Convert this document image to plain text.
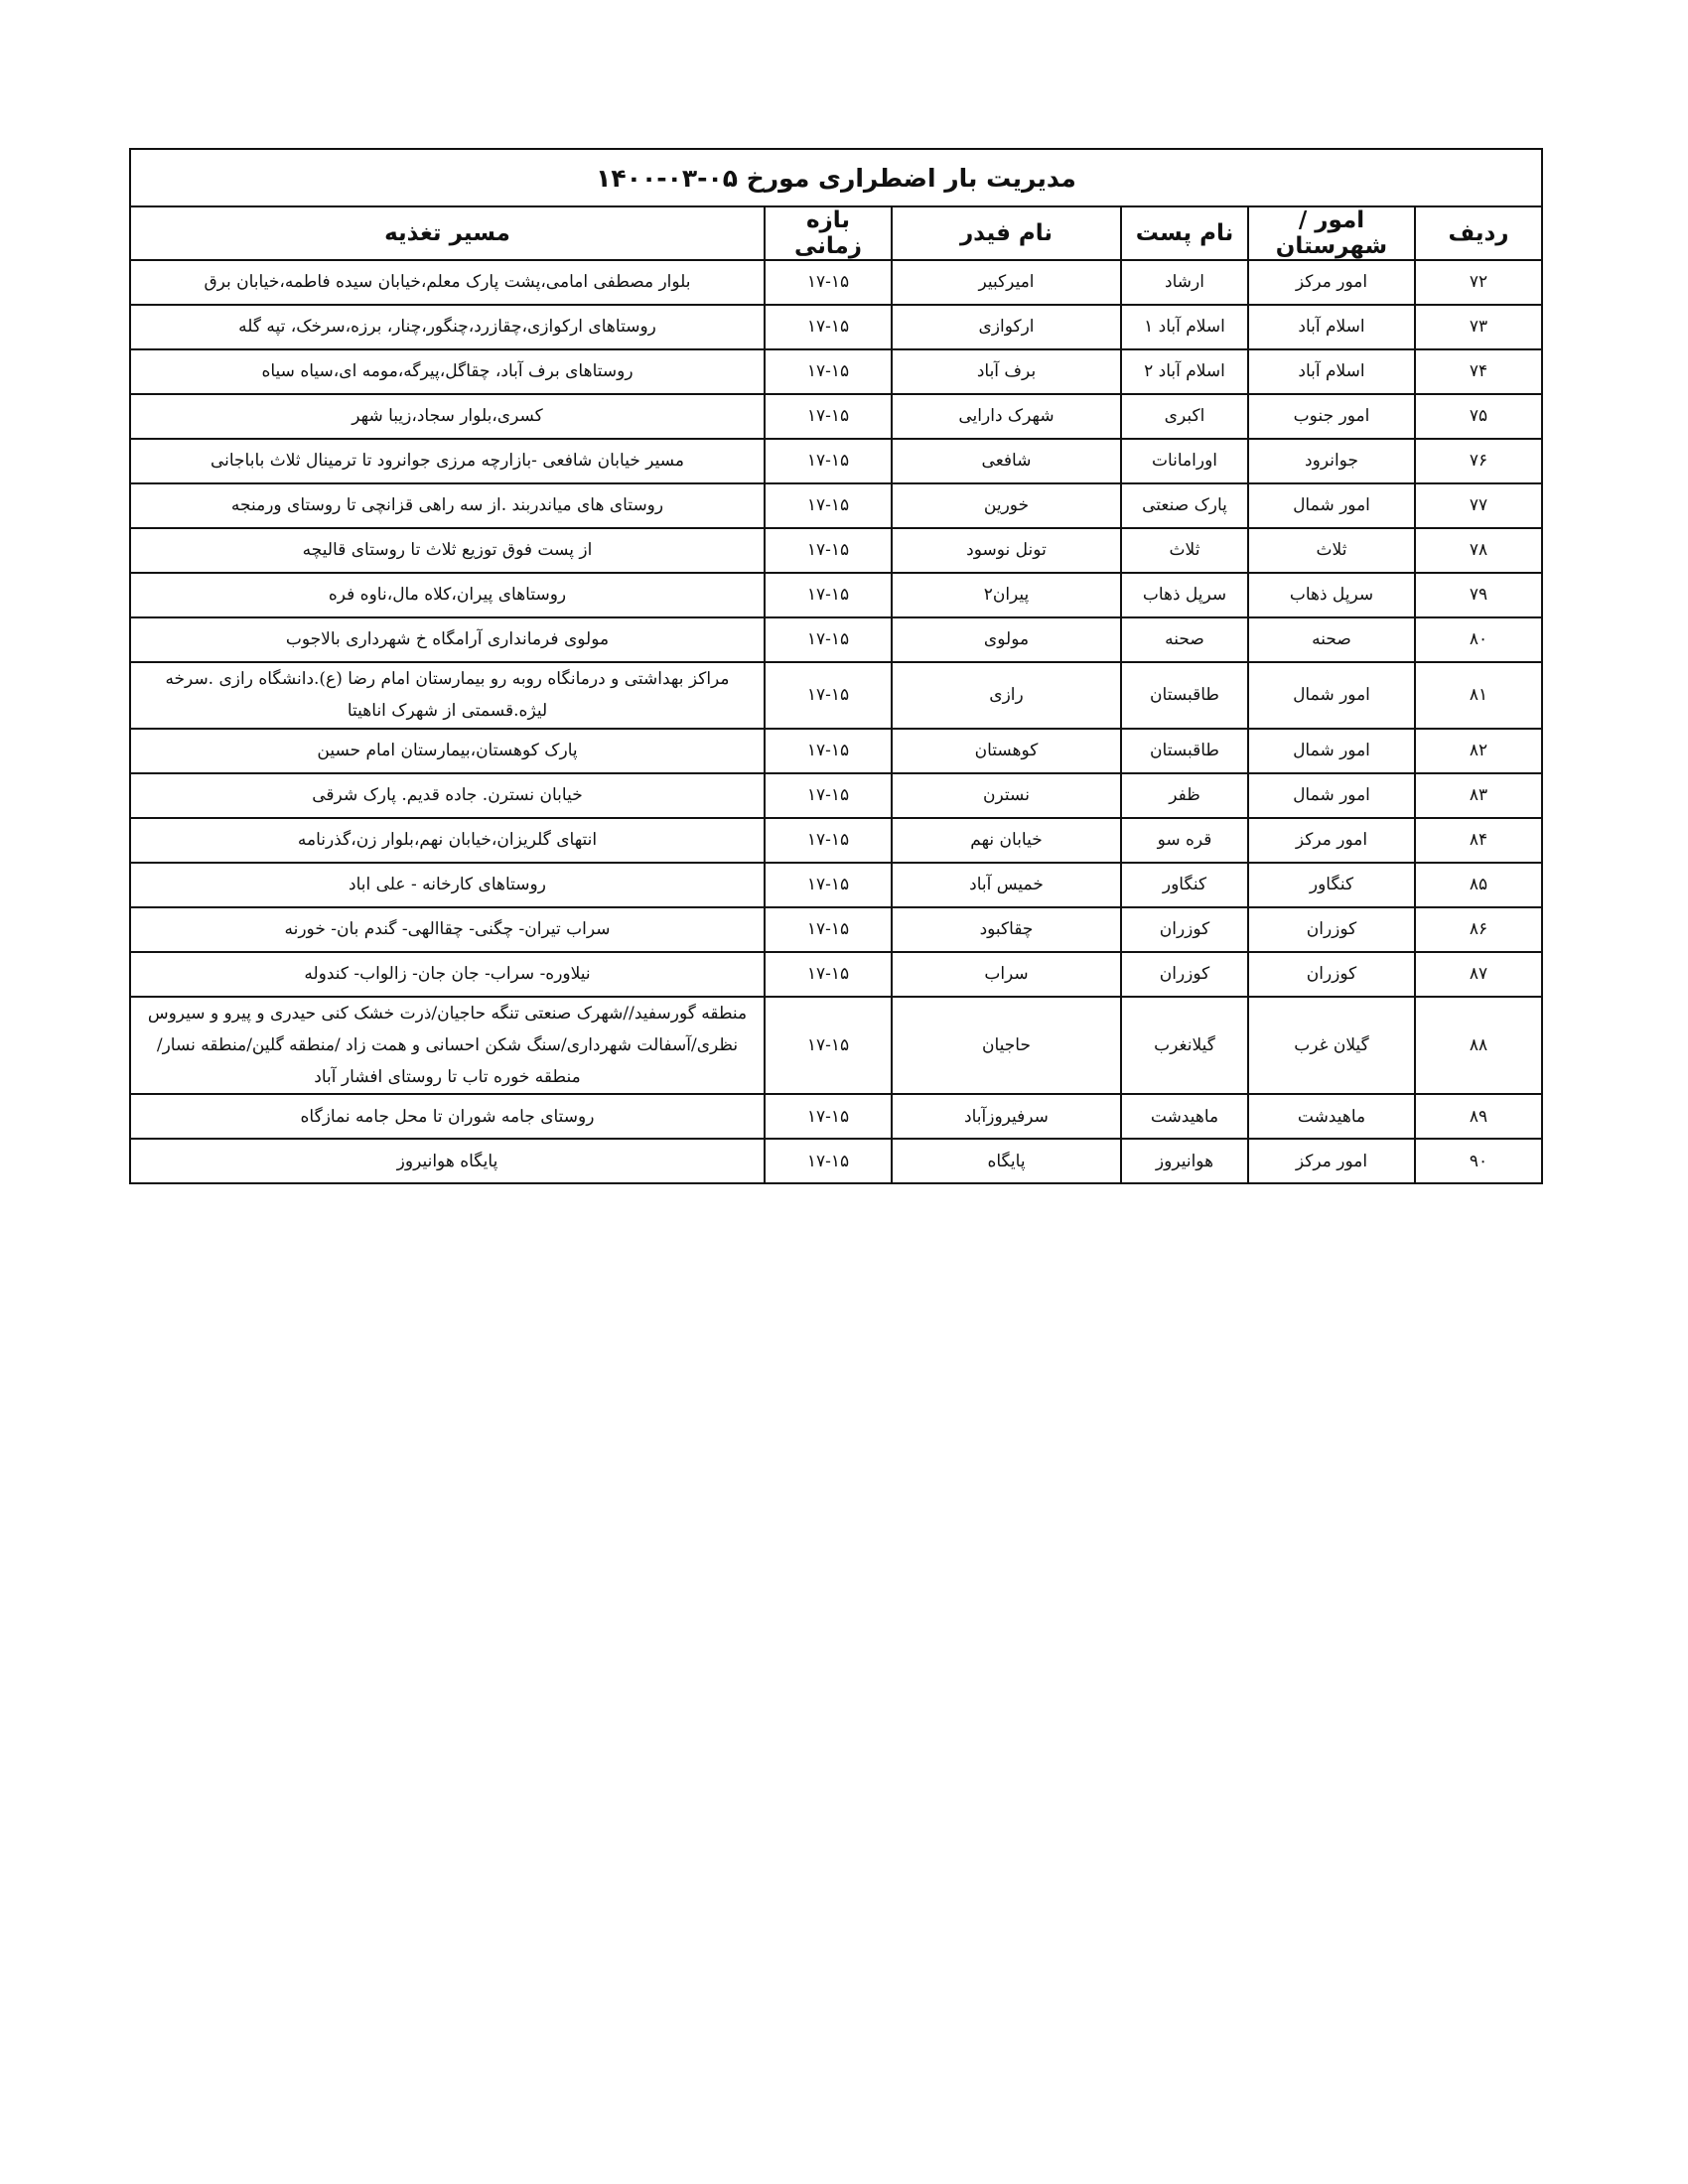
مدیریت بار اضطراری مورخ ۰۵-۰۳-۱۴۰۰					
ردیف	امور / شهرستان	نام پست	نام فیدر	بازه زمانی	مسیر تغذیه
۷۲	امور مرکز	ارشاد	امیرکبیر	۱۷-۱۵	بلوار مصطفی امامی،پشت پارک معلم،خیابان سیده فاطمه،خیابان برق
۷۳	اسلام آباد	اسلام آباد ۱	ارکوازی	۱۷-۱۵	روستاهای ارکوازی،چقازرد،چنگور،چنار، برزه،سرخک، تپه گله
۷۴	اسلام آباد	اسلام آباد ۲	برف آباد	۱۷-۱۵	روستاهای برف آباد، چقاگل،پیرگه،مومه ای،سیاه سیاه
۷۵	امور جنوب	اکبری	شهرک دارایی	۱۷-۱۵	کسری،بلوار سجاد،زیبا شهر
۷۶	جوانرود	اورامانات	شافعی	۱۷-۱۵	مسیر خیابان شافعی -بازارچه مرزی جوانرود تا ترمینال ثلاث باباجانی
۷۷	امور شمال	پارک صنعتی	خورین	۱۷-۱۵	روستای های میاندربند .از سه راهی قزانچی تا روستای ورمنجه
۷۸	ثلاث	ثلاث	تونل نوسود	۱۷-۱۵	از پست فوق توزیع ثلاث تا روستای قالیچه
۷۹	سرپل ذهاب	سرپل ذهاب	پیران۲	۱۷-۱۵	روستاهای پیران،کلاه مال،ناوه فره
۸۰	صحنه	صحنه	مولوی	۱۷-۱۵	مولوی فرمانداری آرامگاه خ شهرداری بالاجوب
۸۱	امور شمال	طاقبستان	رازی	۱۷-۱۵	مراکز بهداشتی و درمانگاه روبه رو بیمارستان امام رضا (ع).دانشگاه رازی .سرخه لیژه.قسمتی از شهرک اناهیتا
۸۲	امور شمال	طاقبستان	کوهستان	۱۷-۱۵	پارک کوهستان،بیمارستان امام حسین
۸۳	امور شمال	ظفر	نسترن	۱۷-۱۵	خیابان نسترن. جاده قدیم. پارک شرقی
۸۴	امور مرکز	قره سو	خیابان نهم	۱۷-۱۵	انتهای گلریزان،خیابان نهم،بلوار زن،گذرنامه
۸۵	کنگاور	کنگاور	خمیس آباد	۱۷-۱۵	روستاهای کارخانه - علی اباد
۸۶	کوزران	کوزران	چقاکبود	۱۷-۱۵	سراب تیران- چگنی- چقاالهی- گندم بان- خورنه
۸۷	کوزران	کوزران	سراب	۱۷-۱۵	نیلاوره- سراب- جان جان- زالواب- کندوله
۸۸	گیلان غرب	گیلانغرب	حاجیان	۱۷-۱۵	منطقه گورسفید//شهرک صنعتی تنگه حاجیان/ذرت خشک کنی حیدری و پیرو و سیروس نظری/آسفالت شهرداری/سنگ شکن احسانی و همت زاد /منطقه گلین/منطقه نسار/منطقه خوره تاب تا روستای افشار آباد
۸۹	ماهیدشت	ماهیدشت	سرفیروزآباد	۱۷-۱۵	روستای جامه شوران تا محل جامه نمازگاه
۹۰	امور مرکز	هوانیروز	پایگاه	۱۷-۱۵	پایگاه هوانیروز
